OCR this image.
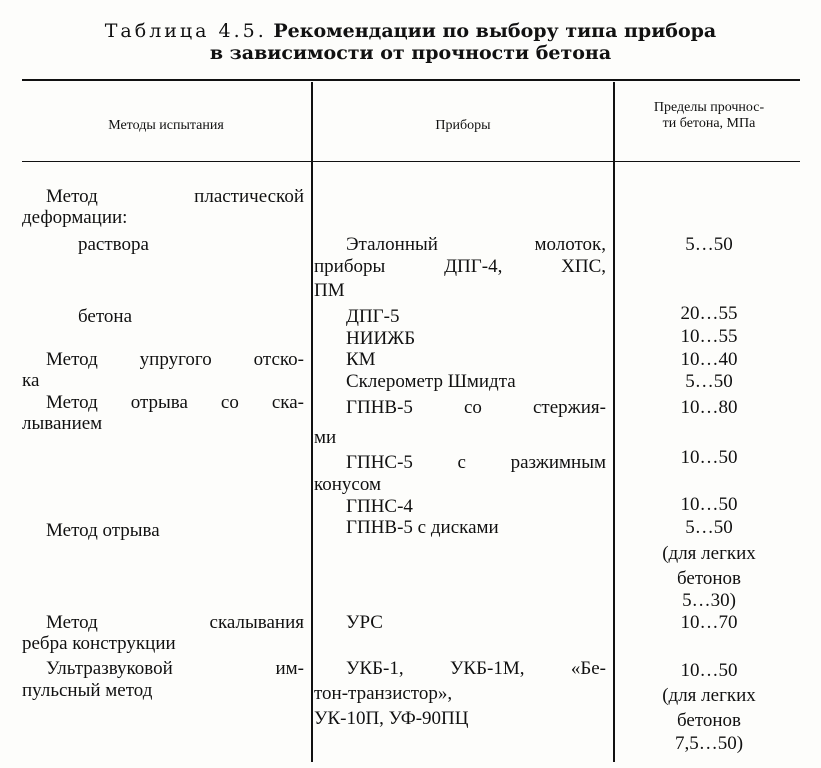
Таблица 4.5. Рекомендации по выбору типа прибора
в зависимости от прочности бетона
Методы испытания	Приборы
Пределы прочнос-
ти бетона, МПа
Метод пластической
деформации:
раствора
бетона
Метод упругого отско-
ка
Метод отрыва со ска-
лыванием
Метод отрыва
Метод скалывания
ребра конструкции
Ультразвуковой им-
пульсный метод
Эталонный молоток,
приборы ДПГ-4, ХПС,
ПМ
ДПГ-5
НИИЖБ
КМ
Склерометр Шмидта
ГПНВ-5 со стержия-
ми
ГПНС-5 с разжимным
конусом
ГПНС-4
ГПНВ-5 с дисками
УРС
УКБ-1, УКБ-1М, «Бе-
тон-транзистор»,
УК-10П, УФ-90ПЦ
5…50
20…55
10…55
10…40
5…50
10…80
10…50
10…50
5…50
(для легких
бетонов
5…30)
10…70
10…50
(для легких
бетонов
7,5…50)
